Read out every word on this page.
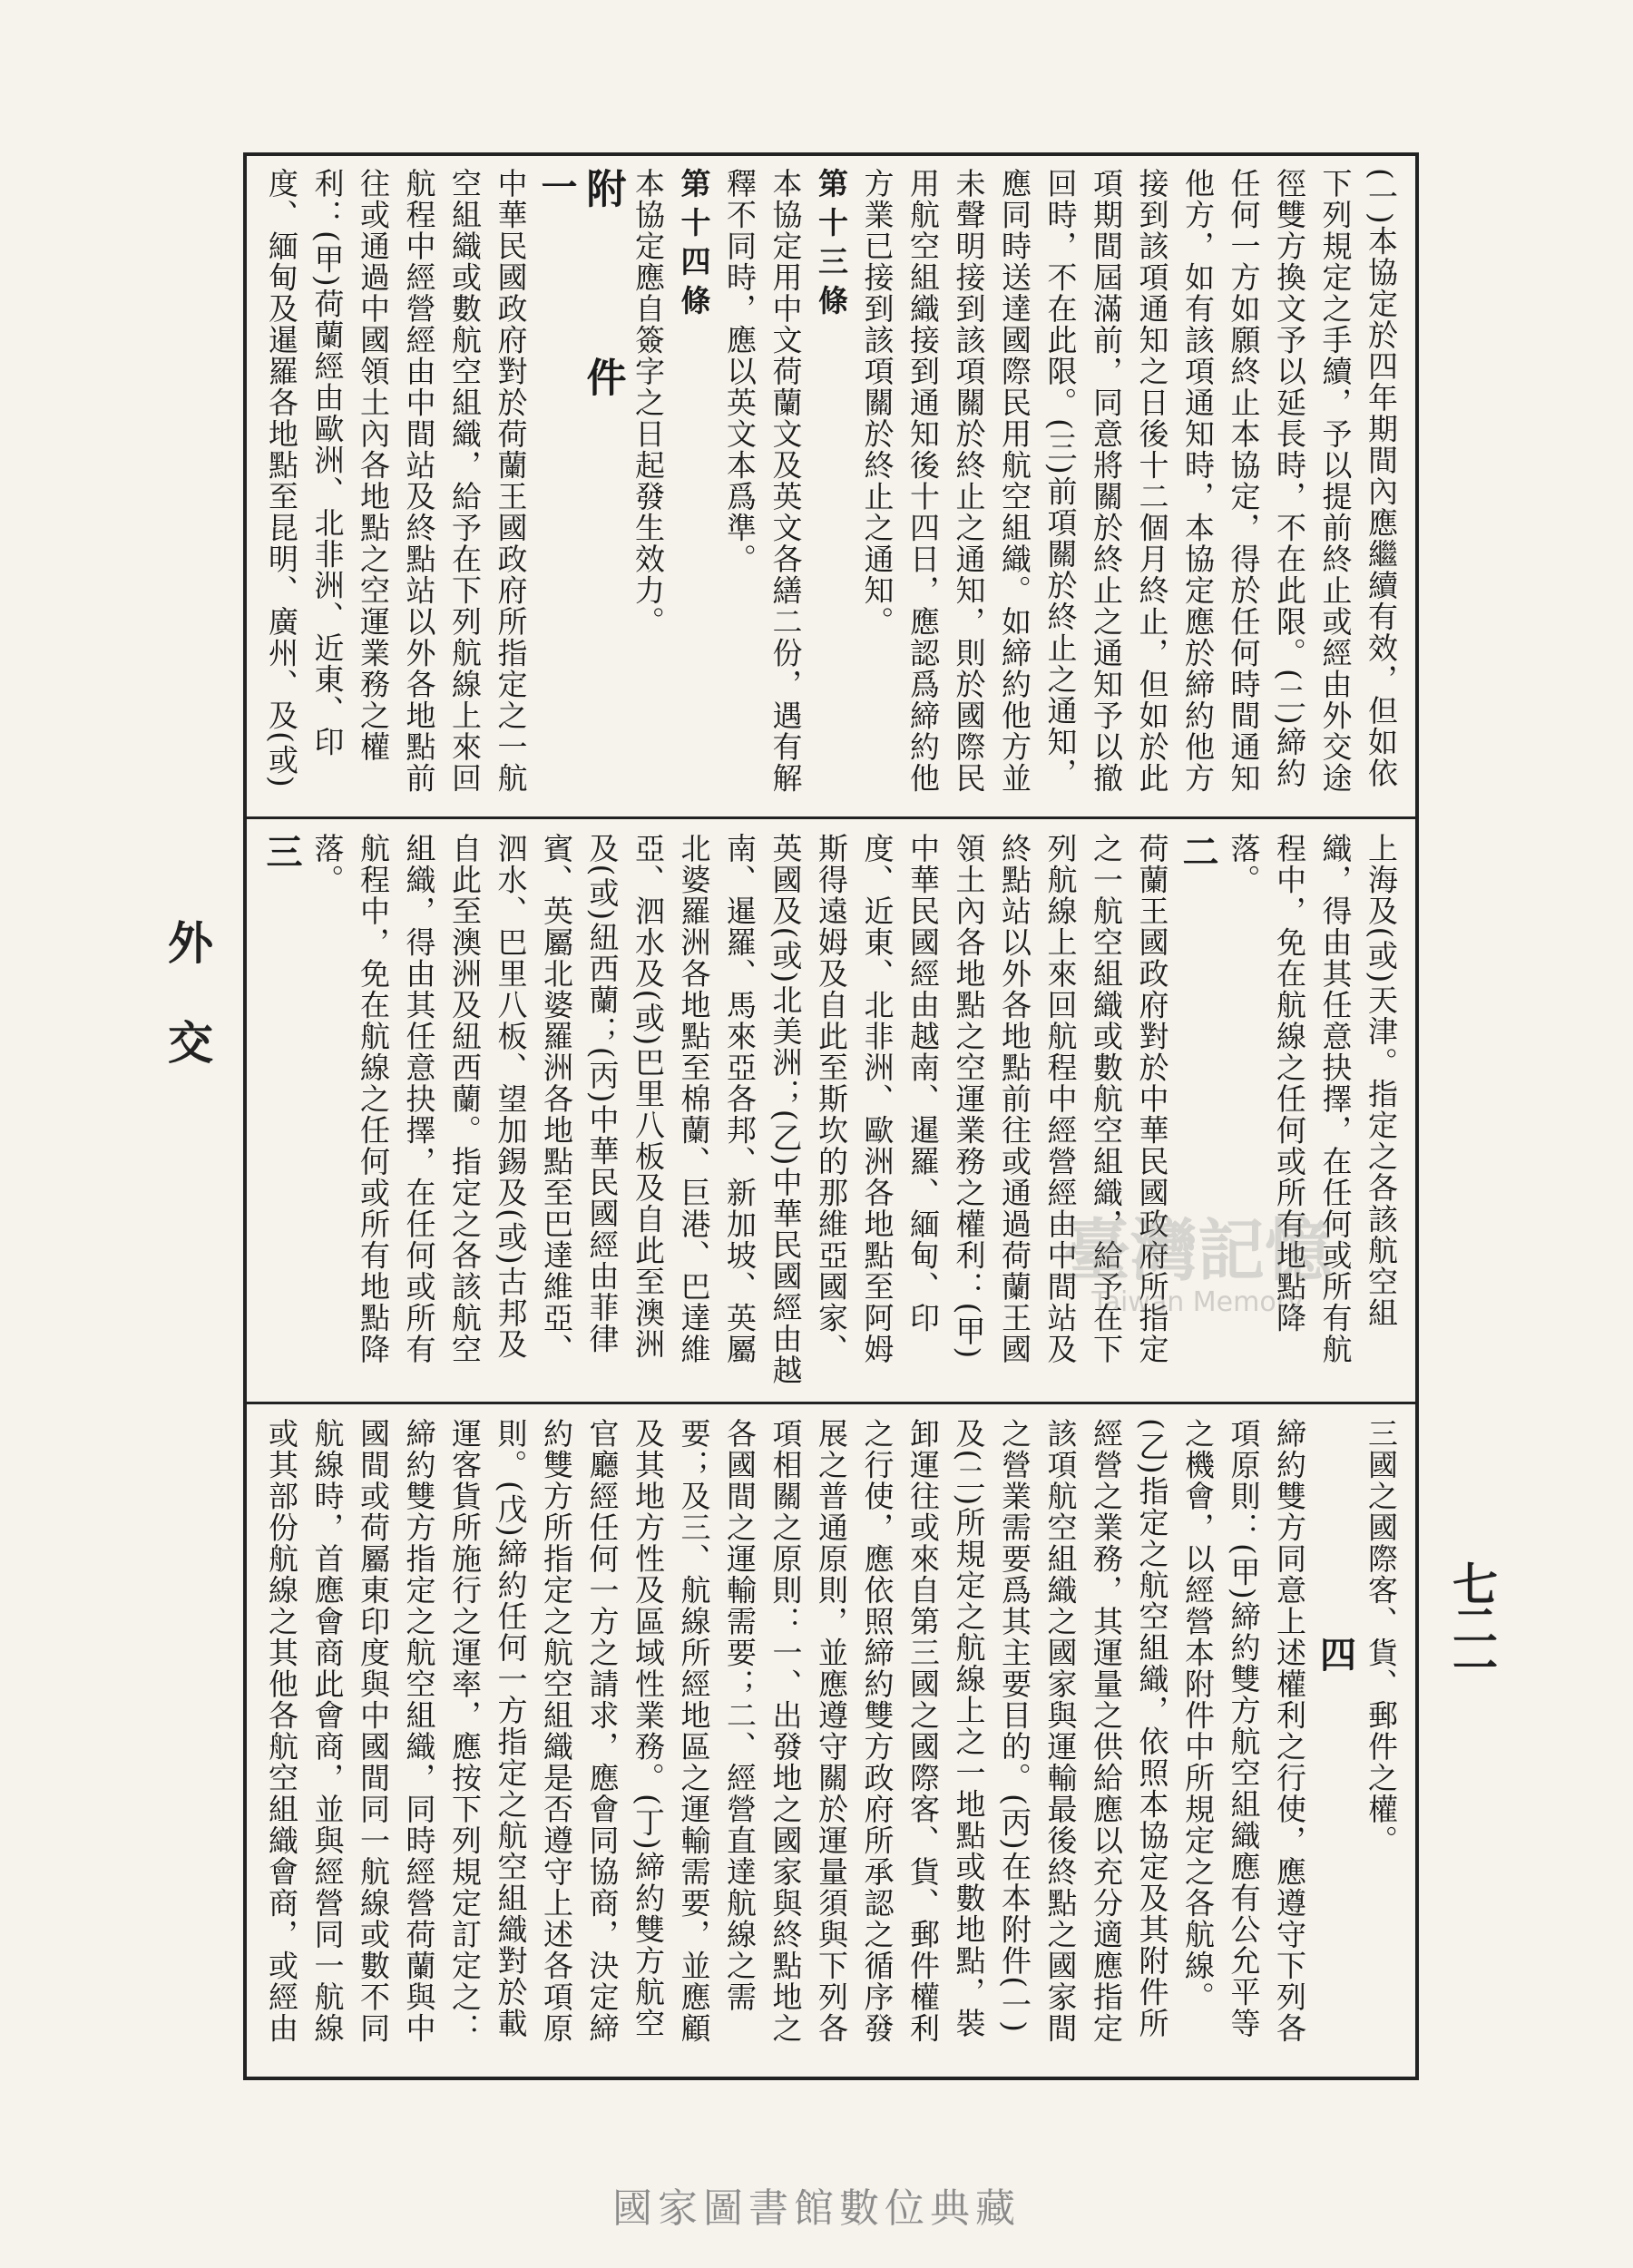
外
交
七二一

(一)本協定於四年期間內應繼續有效，但如依下列規定之手續，予以提前終止或經由外交途徑雙方換文予以延長時，不在此限。(二)締約任何一方如願終止本協定，得於任何時間通知他方，如有該項通知時，本協定應於締約他方接到該項通知之日後十二個月終止，但如於此項期間屆滿前，同意將關於終止之通知予以撤回時，不在此限。(三)前項關於終止之通知，應同時送達國際民用航空組織。如締約他方並未聲明接到該項關於終止之通知，則於國際民用航空組織接到通知後十四日，應認爲締約他方業已接到該項關於終止之通知。

第十三條

本協定用中文荷蘭文及英文各繕二份，遇有解釋不同時，應以英文本爲準。

第十四條

本協定應自簽字之日起發生效力。

附　件

一

中華民國政府對於荷蘭王國政府所指定之一航空組織或數航空組織，給予在下列航線上來回航程中經營經由中間站及終點站以外各地點前往或通過中國領土內各地點之空運業務之權利：(甲)荷蘭經由歐洲、北非洲、近東、印度、緬甸及暹羅各地點至昆明、廣州、及(或)

上海及(或)天津。指定之各該航空組織，得由其任意抉擇，在任何或所有航程中，免在航線之任何或所有地點降落。

二

荷蘭王國政府對於中華民國政府所指定之一航空組織或數航空組織，給予在下列航線上來回航程中經營經由中間站及終點站以外各地點前往或通過荷蘭王國領土內各地點之空運業務之權利：(甲)中華民國經由越南、暹羅、緬甸、印度、近東、北非洲、歐洲各地點至阿姆斯得遠姆及自此至斯坎的那維亞國家、英國及(或)北美洲；(乙)中華民國經由越南、暹羅、馬來亞各邦、新加坡、英屬北婆羅洲各地點至棉蘭、巨港、巴達維亞、泗水及(或)巴里八板及自此至澳洲及(或)紐西蘭；(丙)中華民國經由菲律賓、英屬北婆羅洲各地點至巴達維亞、泗水、巴里八板、望加錫及(或)古邦及自此至澳洲及紐西蘭。指定之各該航空組織，得由其任意抉擇，在任何或所有航程中，免在航線之任何或所有地點降落。

三

三國之國際客、貨、郵件之權。

四

締約雙方同意上述權利之行使，應遵守下列各項原則：(甲)締約雙方航空組織應有公允平等之機會，以經營本附件中所規定之各航線。(乙)指定之航空組織，依照本協定及其附件所經營之業務，其運量之供給應以充分適應指定該項航空組織之國家與運輸最後終點之國家間之營業需要爲其主要目的。(丙)在本附件(一)及(二)所規定之航線上之一地點或數地點，裝卸運往或來自第三國之國際客、貨、郵件權利之行使，應依照締約雙方政府所承認之循序發展之普通原則，並應遵守關於運量須與下列各項相關之原則：一、出發地之國家與終點地之各國間之運輸需要；二、經營直達航線之需要；及三、航線所經地區之運輸需要，並應顧及其地方性及區域性業務。(丁)締約雙方航空官廳經任何一方之請求，應會同協商，決定締約雙方所指定之航空組織是否遵守上述各項原則。(戊)締約任何一方指定之航空組織對於載運客貨所施行之運率，應按下列規定訂定之：締約雙方指定之航空組織，同時經營荷蘭與中國間或荷屬東印度與中國間同一航線或數不同航線時，首應會商此會商，並與經營同一航線或其部份航線之其他各航空組織會商，或經由

臺灣記憶
Taiwan Memory
國家圖書館數位典藏
